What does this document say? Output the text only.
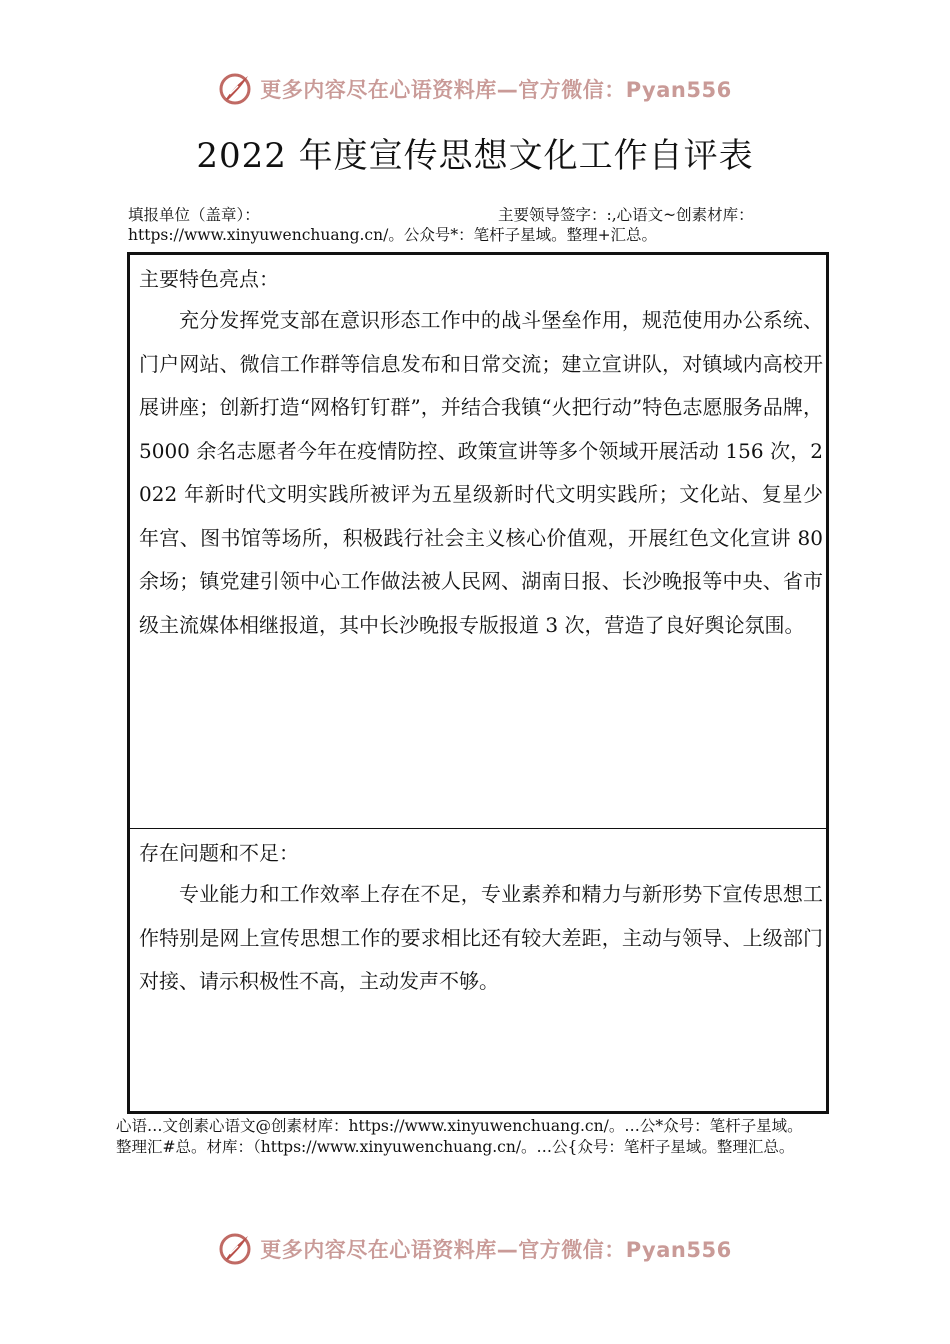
更多内容尽在心语资料库—官方微信：Pyan556
2022 年度宣传思想文化工作自评表
填报单位（盖章）：	主要领导签字：:,心语文~创素材库：
https://www.xinyuwenchuang.cn/。公众号*：笔杆子星域。整理+汇总。
主要特色亮点：

充分发挥党支部在意识形态工作中的战斗堡垒作用，规范使用办公系统、门户网站、微信工作群等信息发布和日常交流；建立宣讲队，对镇域内高校开展讲座；创新打造“网格钉钉群”，并结合我镇“火把行动”特色志愿服务品牌，5000 余名志愿者今年在疫情防控、政策宣讲等多个领域开展活动 156 次，2022 年新时代文明实践所被评为五星级新时代文明实践所；文化站、复星少年宫、图书馆等场所，积极践行社会主义核心价值观，开展红色文化宣讲 80 余场；镇党建引领中心工作做法被人民网、湖南日报、长沙晚报等中央、省市级主流媒体相继报道，其中长沙晚报专版报道 3 次，营造了良好舆论氛围。

存在问题和不足：

专业能力和工作效率上存在不足，专业素养和精力与新形势下宣传思想工作特别是网上宣传思想工作的要求相比还有较大差距，主动与领导、上级部门对接、请示积极性不高，主动发声不够。

心语…文创素心语文@创素材库：https://www.xinyuwenchuang.cn/。…公*众号：笔杆子星域。
整理汇#总。材库：（https://www.xinyuwenchuang.cn/。…公{众号：笔杆子星域。整理汇总。
更多内容尽在心语资料库—官方微信：Pyan556
